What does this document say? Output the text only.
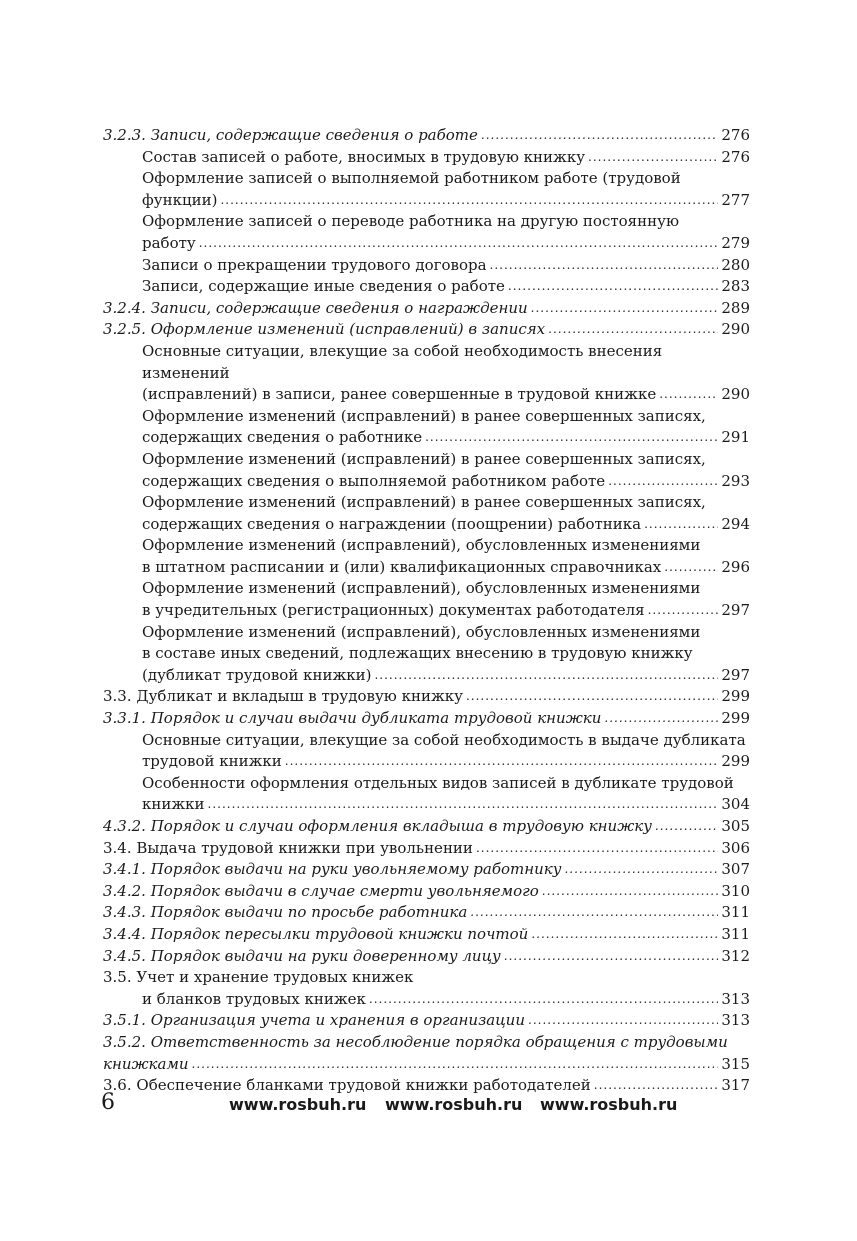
3.2.3. Записи, содержащие сведения о работе .....	276
Состав записей о работе, вносимых в трудовую книжку .....	276
Оформление записей о выполняемой работником работе (трудовой
функции) .....	277
Оформление записей о переводе работника на другую постоянную
работу .....	279
Записи о прекращении трудового договора .....	280
Записи, содержащие иные сведения о работе .....	283
3.2.4. Записи, содержащие сведения о награждении .....	289
3.2.5. Оформление изменений (исправлений) в записях .....	290
Основные ситуации, влекущие за собой необходимость внесения изменений
(исправлений) в записи, ранее совершенные в трудовой книжке .....	290
Оформление изменений (исправлений) в ранее совершенных записях,
содержащих сведения о работнике .....	291
Оформление изменений (исправлений) в ранее совершенных записях,
содержащих сведения о выполняемой работником работе .....	293
Оформление изменений (исправлений) в ранее совершенных записях,
содержащих сведения о награждении (поощрении) работника .....	294
Оформление изменений (исправлений), обусловленных изменениями
в штатном расписании и (или) квалификационных справочниках .....	296
Оформление изменений (исправлений), обусловленных изменениями
в учредительных (регистрационных) документах работодателя .....	297
Оформление изменений (исправлений), обусловленных изменениями
в составе иных сведений, подлежащих внесению в трудовую книжку
(дубликат трудовой книжки) .....	297
3.3. Дубликат и вкладыш в трудовую книжку .....	299
3.3.1. Порядок и случаи выдачи дубликата трудовой книжки .....	299
Основные ситуации, влекущие за собой необходимость в выдаче дубликата
трудовой книжки .....	299
Особенности оформления отдельных видов записей в дубликате трудовой
книжки .....	304
4.3.2. Порядок и случаи оформления вкладыша в трудовую книжку .....	305
3.4. Выдача трудовой книжки при увольнении .....	306
3.4.1. Порядок выдачи на руки увольняемому работнику .....	307
3.4.2. Порядок выдачи в случае смерти увольняемого .....	310
3.4.3. Порядок выдачи по просьбе работника .....	311
3.4.4. Порядок пересылки трудовой книжки почтой .....	311
3.4.5. Порядок выдачи на руки доверенному лицу .....	312
3.5. Учет и хранение трудовых книжек
и бланков трудовых книжек .....	313
3.5.1. Организация учета и хранения в организации .....	313
3.5.2. Ответственность за несоблюдение порядка обращения с трудовыми
книжками .....	315
3.6. Обеспечение бланками трудовой книжки работодателей .....	317
6	www.rosbuh.ru www.rosbuh.ru www.rosbuh.ru
